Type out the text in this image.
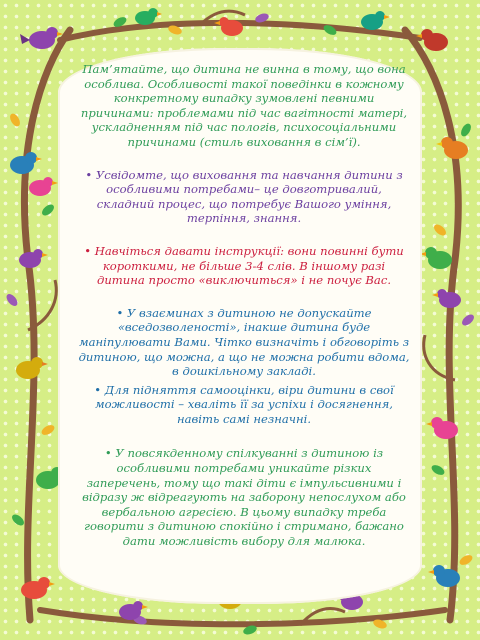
Пам’ятайте, що дитина не винна в тому, що вона особлива. Особливості такої поведінки в кожному конкретному випадку зумовлені певними причинами: проблемами під час вагітності матері, ускладненням під час пологів, психосоціальними причинами (стиль виховання в сім’ї).

• Усвідомте, що виховання та навчання дитини з особливими потребами– це довготривалий, складний процес, що потребує Вашого уміння, терпіння, знання.

• Навчіться давати інструкції: вони повинні бути короткими, не більше 3-4 слів. В іншому разі дитина просто «виключиться» і не почує Вас.

• У взаєминах з дитиною не допускайте «вседозволеності», інакше дитина буде маніпулювати Вами. Чітко визначіть і обговоріть з дитиною, що можна, а що не можна робити вдома, в дошкільному закладі.

• Для підняття самооцінки, віри дитини в свої можливості – хваліть її за успіхи і досягнення, навіть самі незначні.

• У повсякденному спілкуванні з дитиною із особливими потребами уникайте різких заперечень, тому що такі діти є імпульсивними і відразу ж відреагують на заборону непослухом або вербальною агресією. В цьому випадку треба говорити з дитиною спокійно і стримано, бажано дати можливість вибору для малюка.
